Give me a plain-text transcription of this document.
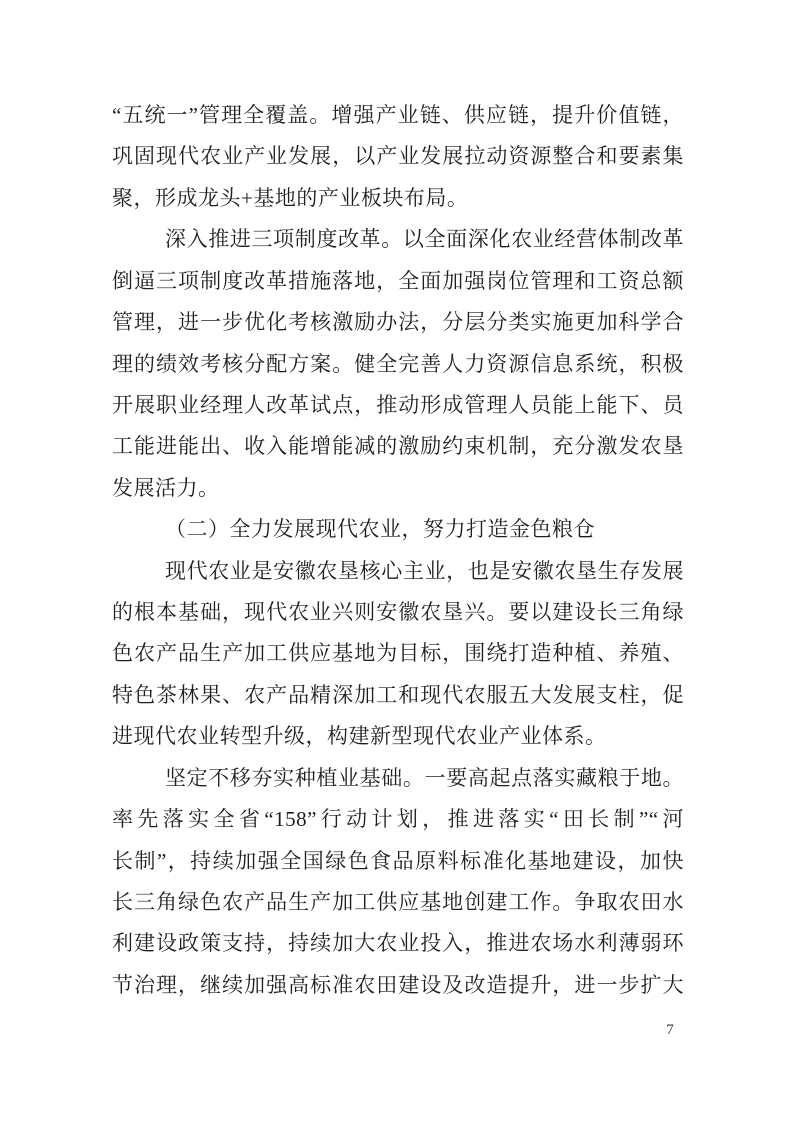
“五统一”管理全覆盖。增强产业链、供应链，提升价值链，
巩固现代农业产业发展，以产业发展拉动资源整合和要素集
聚，形成龙头+基地的产业板块布局。
深入推进三项制度改革。以全面深化农业经营体制改革
倒逼三项制度改革措施落地，全面加强岗位管理和工资总额
管理，进一步优化考核激励办法，分层分类实施更加科学合
理的绩效考核分配方案。健全完善人力资源信息系统，积极
开展职业经理人改革试点，推动形成管理人员能上能下、员
工能进能出、收入能增能减的激励约束机制，充分激发农垦
发展活力。
（二）全力发展现代农业，努力打造金色粮仓
现代农业是安徽农垦核心主业，也是安徽农垦生存发展
的根本基础，现代农业兴则安徽农垦兴。要以建设长三角绿
色农产品生产加工供应基地为目标，围绕打造种植、养殖、
特色茶林果、农产品精深加工和现代农服五大发展支柱，促
进现代农业转型升级，构建新型现代农业产业体系。
坚定不移夯实种植业基础。一要高起点落实藏粮于地。
率先落实全省“158”行动计划，推进落实“田长制”“河
长制”，持续加强全国绿色食品原料标准化基地建设，加快
长三角绿色农产品生产加工供应基地创建工作。争取农田水
利建设政策支持，持续加大农业投入，推进农场水利薄弱环
节治理，继续加强高标准农田建设及改造提升，进一步扩大
7
